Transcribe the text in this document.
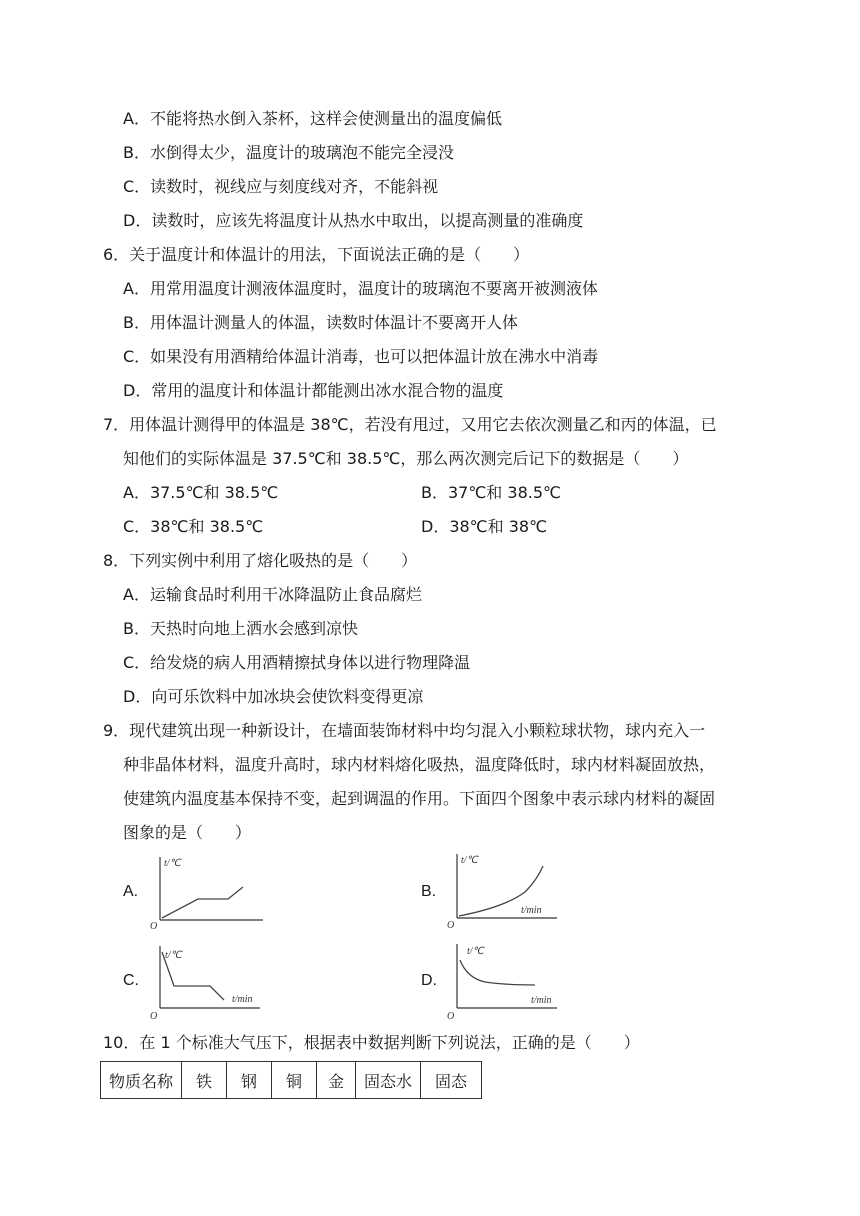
A．不能将热水倒入茶杯，这样会使测量出的温度偏低
B．水倒得太少，温度计的玻璃泡不能完全浸没
C．读数时，视线应与刻度线对齐，不能斜视
D．读数时，应该先将温度计从热水中取出，以提高测量的准确度
6．关于温度计和体温计的用法，下面说法正确的是（　　）
A．用常用温度计测液体温度时，温度计的玻璃泡不要离开被测液体
B．用体温计测量人的体温，读数时体温计不要离开人体
C．如果没有用酒精给体温计消毒，也可以把体温计放在沸水中消毒
D．常用的温度计和体温计都能测出冰水混合物的温度
7．用体温计测得甲的体温是 38℃，若没有甩过，又用它去依次测量乙和丙的体温，已
知他们的实际体温是 37.5℃和 38.5℃，那么两次测完后记下的数据是（　　）
A．37.5℃和 38.5℃	B．37℃和 38.5℃
C．38℃和 38.5℃	D．38℃和 38℃
8．下列实例中利用了熔化吸热的是（　　）
A．运输食品时利用干冰降温防止食品腐烂
B．天热时向地上洒水会感到凉快
C．给发烧的病人用酒精擦拭身体以进行物理降温
D．向可乐饮料中加冰块会使饮料变得更凉
9．现代建筑出现一种新设计，在墙面装饰材料中均匀混入小颗粒球状物，球内充入一
种非晶体材料，温度升高时，球内材料熔化吸热，温度降低时，球内材料凝固放热，
使建筑内温度基本保持不变，起到调温的作用。下面四个图象中表示球内材料的凝固
图象的是（　　）
A.
t/℃
O
B.
t/℃
t/min
O
C.
t/℃
t/min
O
D.
t/℃
t/min
O
10．在 1 个标准大气压下，根据表中数据判断下列说法，正确的是（　　）
物质名称	铁	钢	铜	金	固态水	固态
